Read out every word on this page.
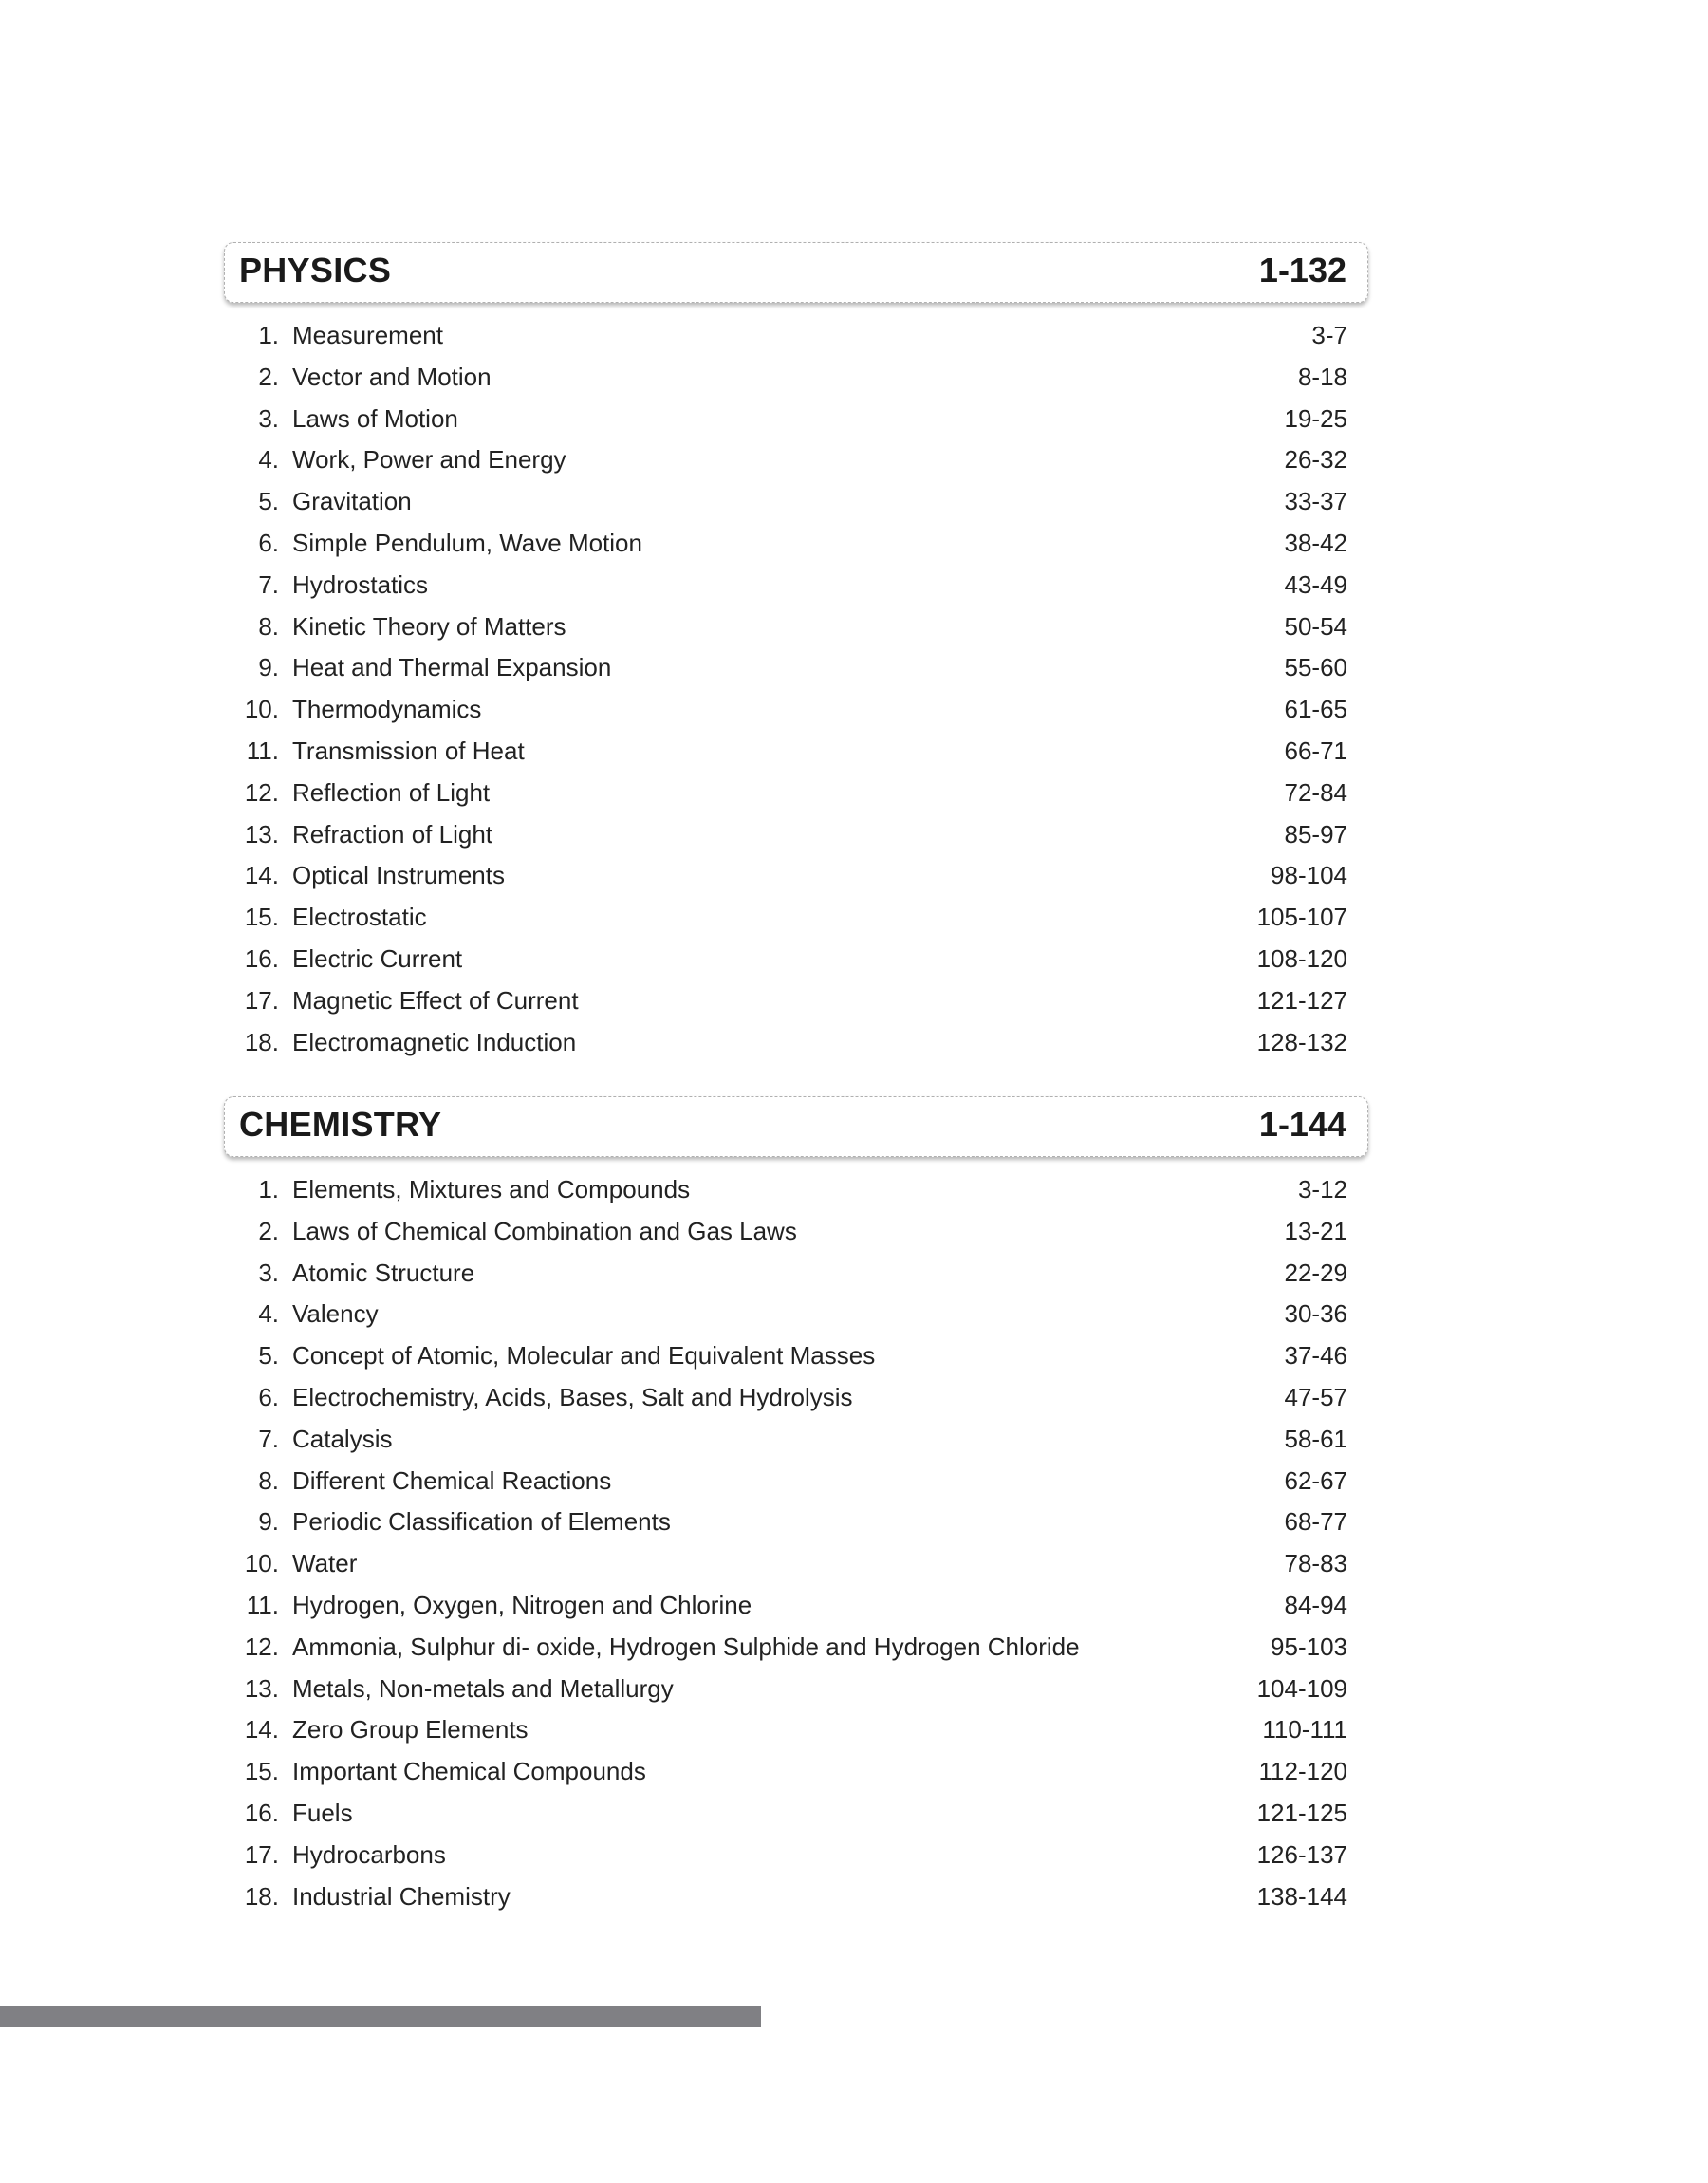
PHYSICS	1-132
1. Measurement	3-7
2. Vector and Motion	8-18
3. Laws of Motion	19-25
4. Work, Power and Energy	26-32
5. Gravitation	33-37
6. Simple Pendulum, Wave Motion	38-42
7. Hydrostatics	43-49
8. Kinetic Theory of Matters	50-54
9. Heat and Thermal Expansion	55-60
10. Thermodynamics	61-65
11. Transmission of Heat	66-71
12. Reflection of Light	72-84
13. Refraction of Light	85-97
14. Optical Instruments	98-104
15. Electrostatic	105-107
16. Electric Current	108-120
17. Magnetic Effect of Current	121-127
18. Electromagnetic Induction	128-132
CHEMISTRY	1-144
1. Elements, Mixtures and Compounds	3-12
2. Laws of Chemical Combination and Gas Laws	13-21
3. Atomic Structure	22-29
4. Valency	30-36
5. Concept of Atomic, Molecular and Equivalent Masses	37-46
6. Electrochemistry, Acids, Bases, Salt and Hydrolysis	47-57
7. Catalysis	58-61
8. Different Chemical Reactions	62-67
9. Periodic Classification of Elements	68-77
10. Water	78-83
11. Hydrogen, Oxygen, Nitrogen and Chlorine	84-94
12. Ammonia, Sulphur di- oxide, Hydrogen Sulphide and Hydrogen Chloride	95-103
13. Metals, Non-metals and Metallurgy	104-109
14. Zero Group Elements	110-111
15. Important Chemical Compounds	112-120
16. Fuels	121-125
17. Hydrocarbons	126-137
18. Industrial Chemistry	138-144
